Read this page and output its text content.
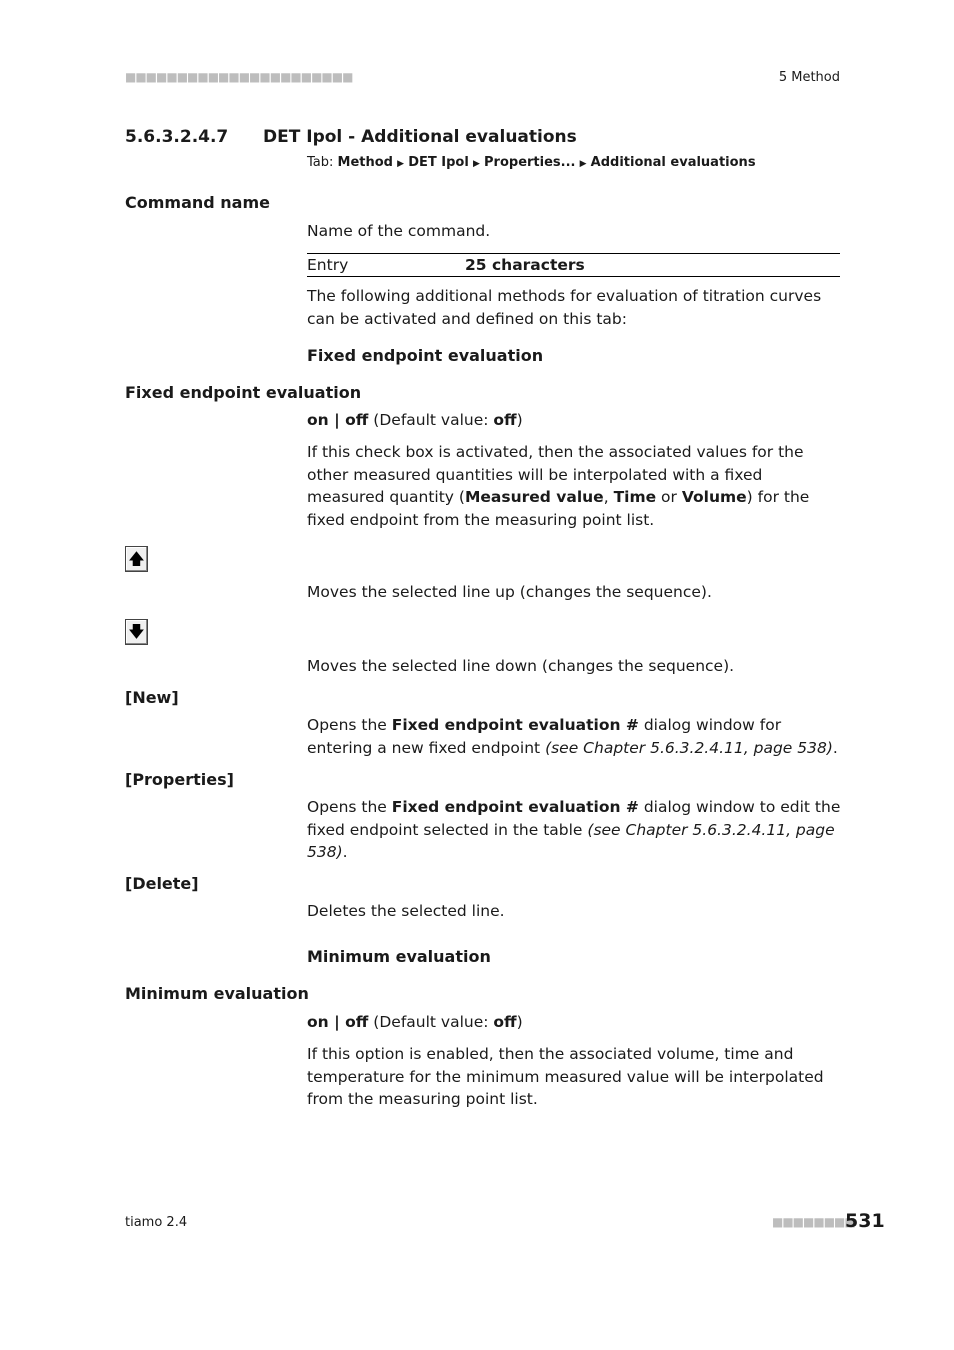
■■■■■■■■■■■■■■■■■■■■■■	5 Method
5.6.3.2.4.7 DET Ipol - Additional evaluations
Tab: Method ▶ DET Ipol ▶ Properties... ▶ Additional evaluations
Command name
Name of the command.
Entry	25 characters
The following additional methods for evaluation of titration curves can be activated and defined on this tab:
Fixed endpoint evaluation
Fixed endpoint evaluation
on | off (Default value: off)
If this check box is activated, then the associated values for the other measured quantities will be interpolated with a fixed measured quantity (Measured value, Time or Volume) for the fixed endpoint from the measuring point list.
🡅
Moves the selected line up (changes the sequence).
🡇
Moves the selected line down (changes the sequence).
[New]
Opens the Fixed endpoint evaluation # dialog window for entering a new fixed endpoint (see Chapter 5.6.3.2.4.11, page 538).
[Properties]
Opens the Fixed endpoint evaluation # dialog window to edit the fixed endpoint selected in the table (see Chapter 5.6.3.2.4.11, page 538).
[Delete]
Deletes the selected line.
Minimum evaluation
Minimum evaluation
on | off (Default value: off)
If this option is enabled, then the associated volume, time and temperature for the minimum measured value will be interpolated from the measuring point list.
tiamo 2.4	■■■■■■■■
531
